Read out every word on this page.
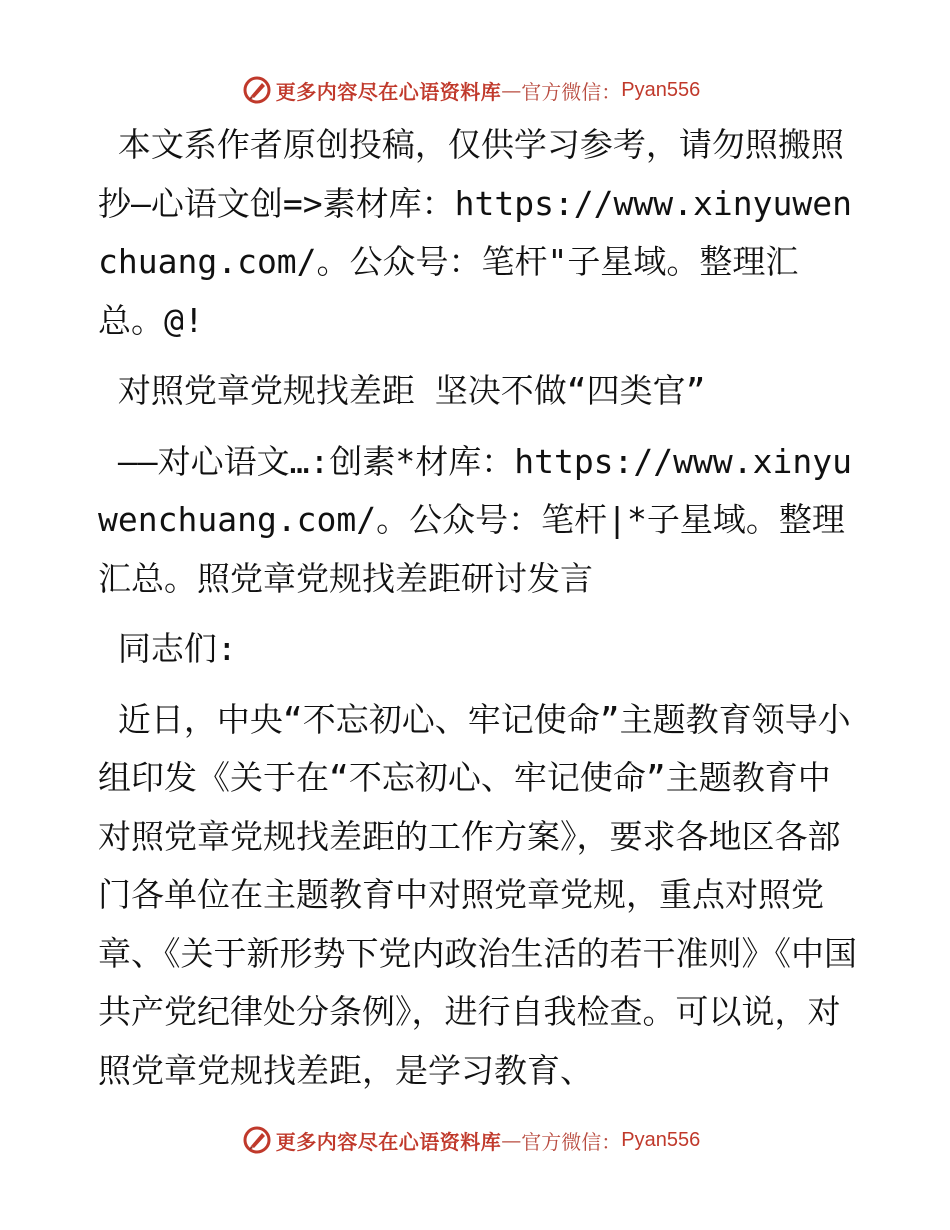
更多内容尽在心语资料库 — 官方微信： Pyan556

本文系作者原创投稿，仅供学习参考，请勿照搬照抄—心语文创=>素材库：https://www.xinyuwenchuang.com/。公众号：笔杆"子星域。整理汇总。@!

对照党章党规找差距 坚决不做“四类官”

——对心语文…:创素*材库：https://www.xinyuwenchuang.com/。公众号：笔杆|*子星域。整理汇总。照党章党规找差距研讨发言

同志们:

近日，中央“不忘初心、牢记使命”主题教育领导小组印发《关于在“不忘初心、牢记使命”主题教育中对照党章党规找差距的工作方案》，要求各地区各部门各单位在主题教育中对照党章党规，重点对照党章、《关于新形势下党内政治生活的若干准则》《中国共产党纪律处分条例》，进行自我检查。可以说，对照党章党规找差距，是学习教育、

更多内容尽在心语资料库 — 官方微信： Pyan556
